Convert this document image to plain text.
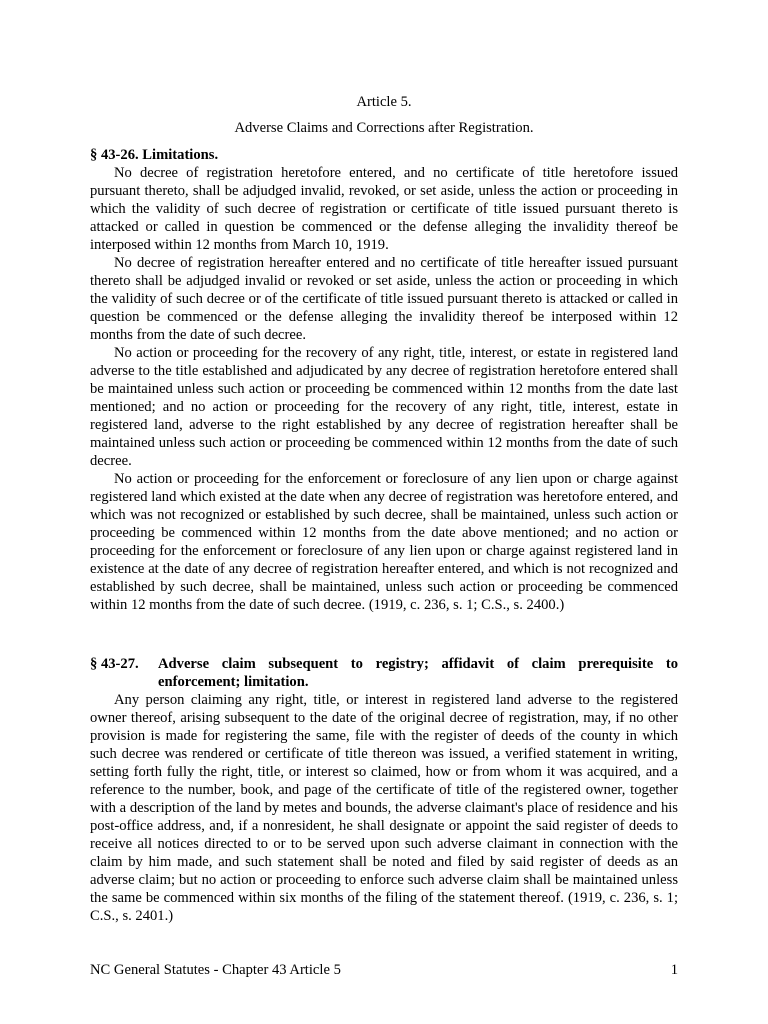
Article 5.
Adverse Claims and Corrections after Registration.

§ 43-26. Limitations.

No decree of registration heretofore entered, and no certificate of title heretofore issued pursuant thereto, shall be adjudged invalid, revoked, or set aside, unless the action or proceeding in which the validity of such decree of registration or certificate of title issued pursuant thereto is attacked or called in question be commenced or the defense alleging the invalidity thereof be interposed within 12 months from March 10, 1919.

No decree of registration hereafter entered and no certificate of title hereafter issued pursuant thereto shall be adjudged invalid or revoked or set aside, unless the action or proceeding in which the validity of such decree or of the certificate of title issued pursuant thereto is attacked or called in question be commenced or the defense alleging the invalidity thereof be interposed within 12 months from the date of such decree.

No action or proceeding for the recovery of any right, title, interest, or estate in registered land adverse to the title established and adjudicated by any decree of registration heretofore entered shall be maintained unless such action or proceeding be commenced within 12 months from the date last mentioned; and no action or proceeding for the recovery of any right, title, interest, estate in registered land, adverse to the right established by any decree of registration hereafter shall be maintained unless such action or proceeding be commenced within 12 months from the date of such decree.

No action or proceeding for the enforcement or foreclosure of any lien upon or charge against registered land which existed at the date when any decree of registration was heretofore entered, and which was not recognized or established by such decree, shall be maintained, unless such action or proceeding be commenced within 12 months from the date above mentioned; and no action or proceeding for the enforcement or foreclosure of any lien upon or charge against registered land in existence at the date of any decree of registration hereafter entered, and which is not recognized and established by such decree, shall be maintained, unless such action or proceeding be commenced within 12 months from the date of such decree. (1919, c. 236, s. 1; C.S., s. 2400.)

§ 43-27. Adverse claim subsequent to registry; affidavit of claim prerequisite to enforcement; limitation.

Any person claiming any right, title, or interest in registered land adverse to the registered owner thereof, arising subsequent to the date of the original decree of registration, may, if no other provision is made for registering the same, file with the register of deeds of the county in which such decree was rendered or certificate of title thereon was issued, a verified statement in writing, setting forth fully the right, title, or interest so claimed, how or from whom it was acquired, and a reference to the number, book, and page of the certificate of title of the registered owner, together with a description of the land by metes and bounds, the adverse claimant's place of residence and his post-office address, and, if a nonresident, he shall designate or appoint the said register of deeds to receive all notices directed to or to be served upon such adverse claimant in connection with the claim by him made, and such statement shall be noted and filed by said register of deeds as an adverse claim; but no action or proceeding to enforce such adverse claim shall be maintained unless the same be commenced within six months of the filing of the statement thereof. (1919, c. 236, s. 1; C.S., s. 2401.)

NC General Statutes - Chapter 43 Article 5	1
